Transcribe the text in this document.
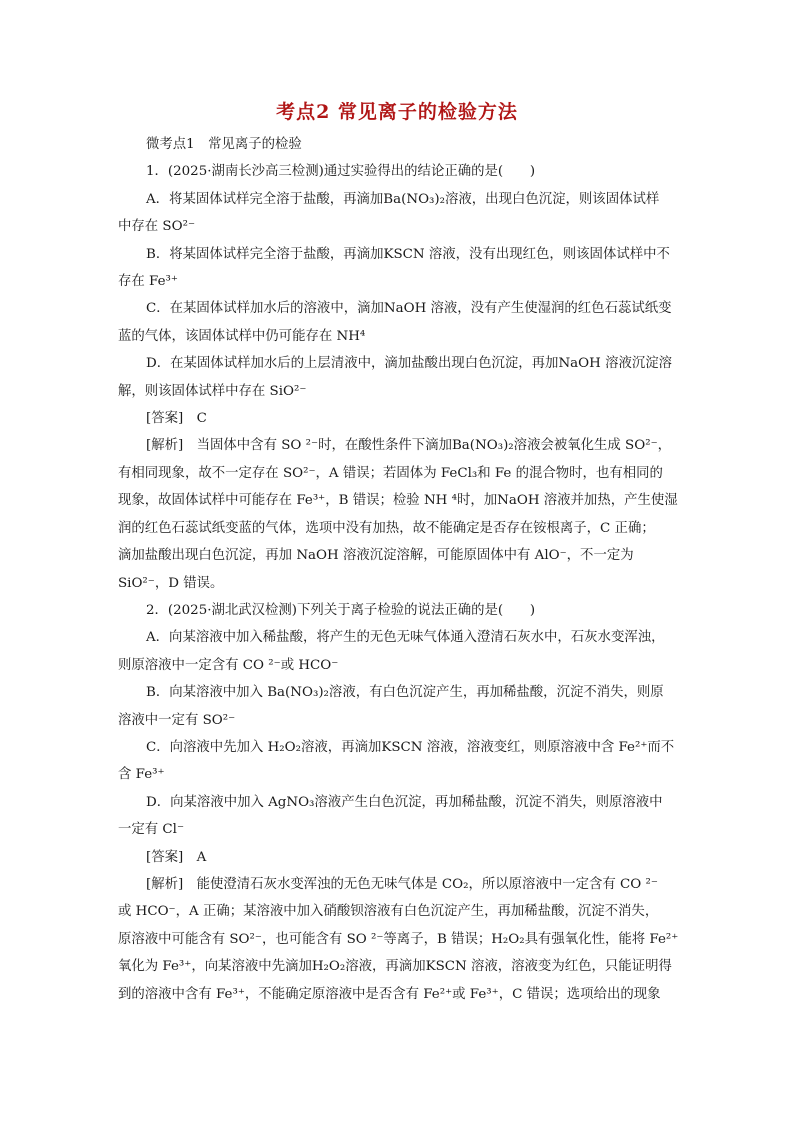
考点2 常见离子的检验方法

微考点1　常见离子的检验

1．(2025·湖南长沙高三检测)通过实验得出的结论正确的是(　　)

A．将某固体试样完全溶于盐酸，再滴加Ba(NO₃)₂溶液，出现白色沉淀，则该固体试样

中存在 SO²⁻

B．将某固体试样完全溶于盐酸，再滴加KSCN 溶液，没有出现红色，则该固体试样中不

存在 Fe³⁺

C．在某固体试样加水后的溶液中，滴加NaOH 溶液，没有产生使湿润的红色石蕊试纸变

蓝的气体，该固体试样中仍可能存在 NH⁴

D．在某固体试样加水后的上层清液中，滴加盐酸出现白色沉淀，再加NaOH 溶液沉淀溶

解，则该固体试样中存在 SiO²⁻

[答案]　C

[解析]　当固体中含有 SO ²⁻时，在酸性条件下滴加Ba(NO₃)₂溶液会被氧化生成 SO²⁻，

有相同现象，故不一定存在 SO²⁻，A 错误；若固体为 FeCl₃和 Fe 的混合物时，也有相同的

现象，故固体试样中可能存在 Fe³⁺，B 错误；检验 NH ⁴时，加NaOH 溶液并加热，产生使湿

润的红色石蕊试纸变蓝的气体，选项中没有加热，故不能确定是否存在铵根离子，C 正确；

滴加盐酸出现白色沉淀，再加 NaOH 溶液沉淀溶解，可能原固体中有 AlO⁻，不一定为

SiO²⁻，D 错误。

2．(2025·湖北武汉检测)下列关于离子检验的说法正确的是(　　)

A．向某溶液中加入稀盐酸，将产生的无色无味气体通入澄清石灰水中，石灰水变浑浊，

则原溶液中一定含有 CO ²⁻或 HCO⁻

B．向某溶液中加入 Ba(NO₃)₂溶液，有白色沉淀产生，再加稀盐酸，沉淀不消失，则原

溶液中一定有 SO²⁻

C．向溶液中先加入 H₂O₂溶液，再滴加KSCN 溶液，溶液变红，则原溶液中含 Fe²⁺而不

含 Fe³⁺

D．向某溶液中加入 AgNO₃溶液产生白色沉淀，再加稀盐酸，沉淀不消失，则原溶液中

一定有 Cl⁻

[答案]　A

[解析]　能使澄清石灰水变浑浊的无色无味气体是 CO₂，所以原溶液中一定含有 CO ²⁻

或 HCO⁻，A 正确；某溶液中加入硝酸钡溶液有白色沉淀产生，再加稀盐酸，沉淀不消失，

原溶液中可能含有 SO²⁻，也可能含有 SO ²⁻等离子，B 错误；H₂O₂具有强氧化性，能将 Fe²⁺

氧化为 Fe³⁺，向某溶液中先滴加H₂O₂溶液，再滴加KSCN 溶液，溶液变为红色，只能证明得

到的溶液中含有 Fe³⁺，不能确定原溶液中是否含有 Fe²⁺或 Fe³⁺，C 错误；选项给出的现象
